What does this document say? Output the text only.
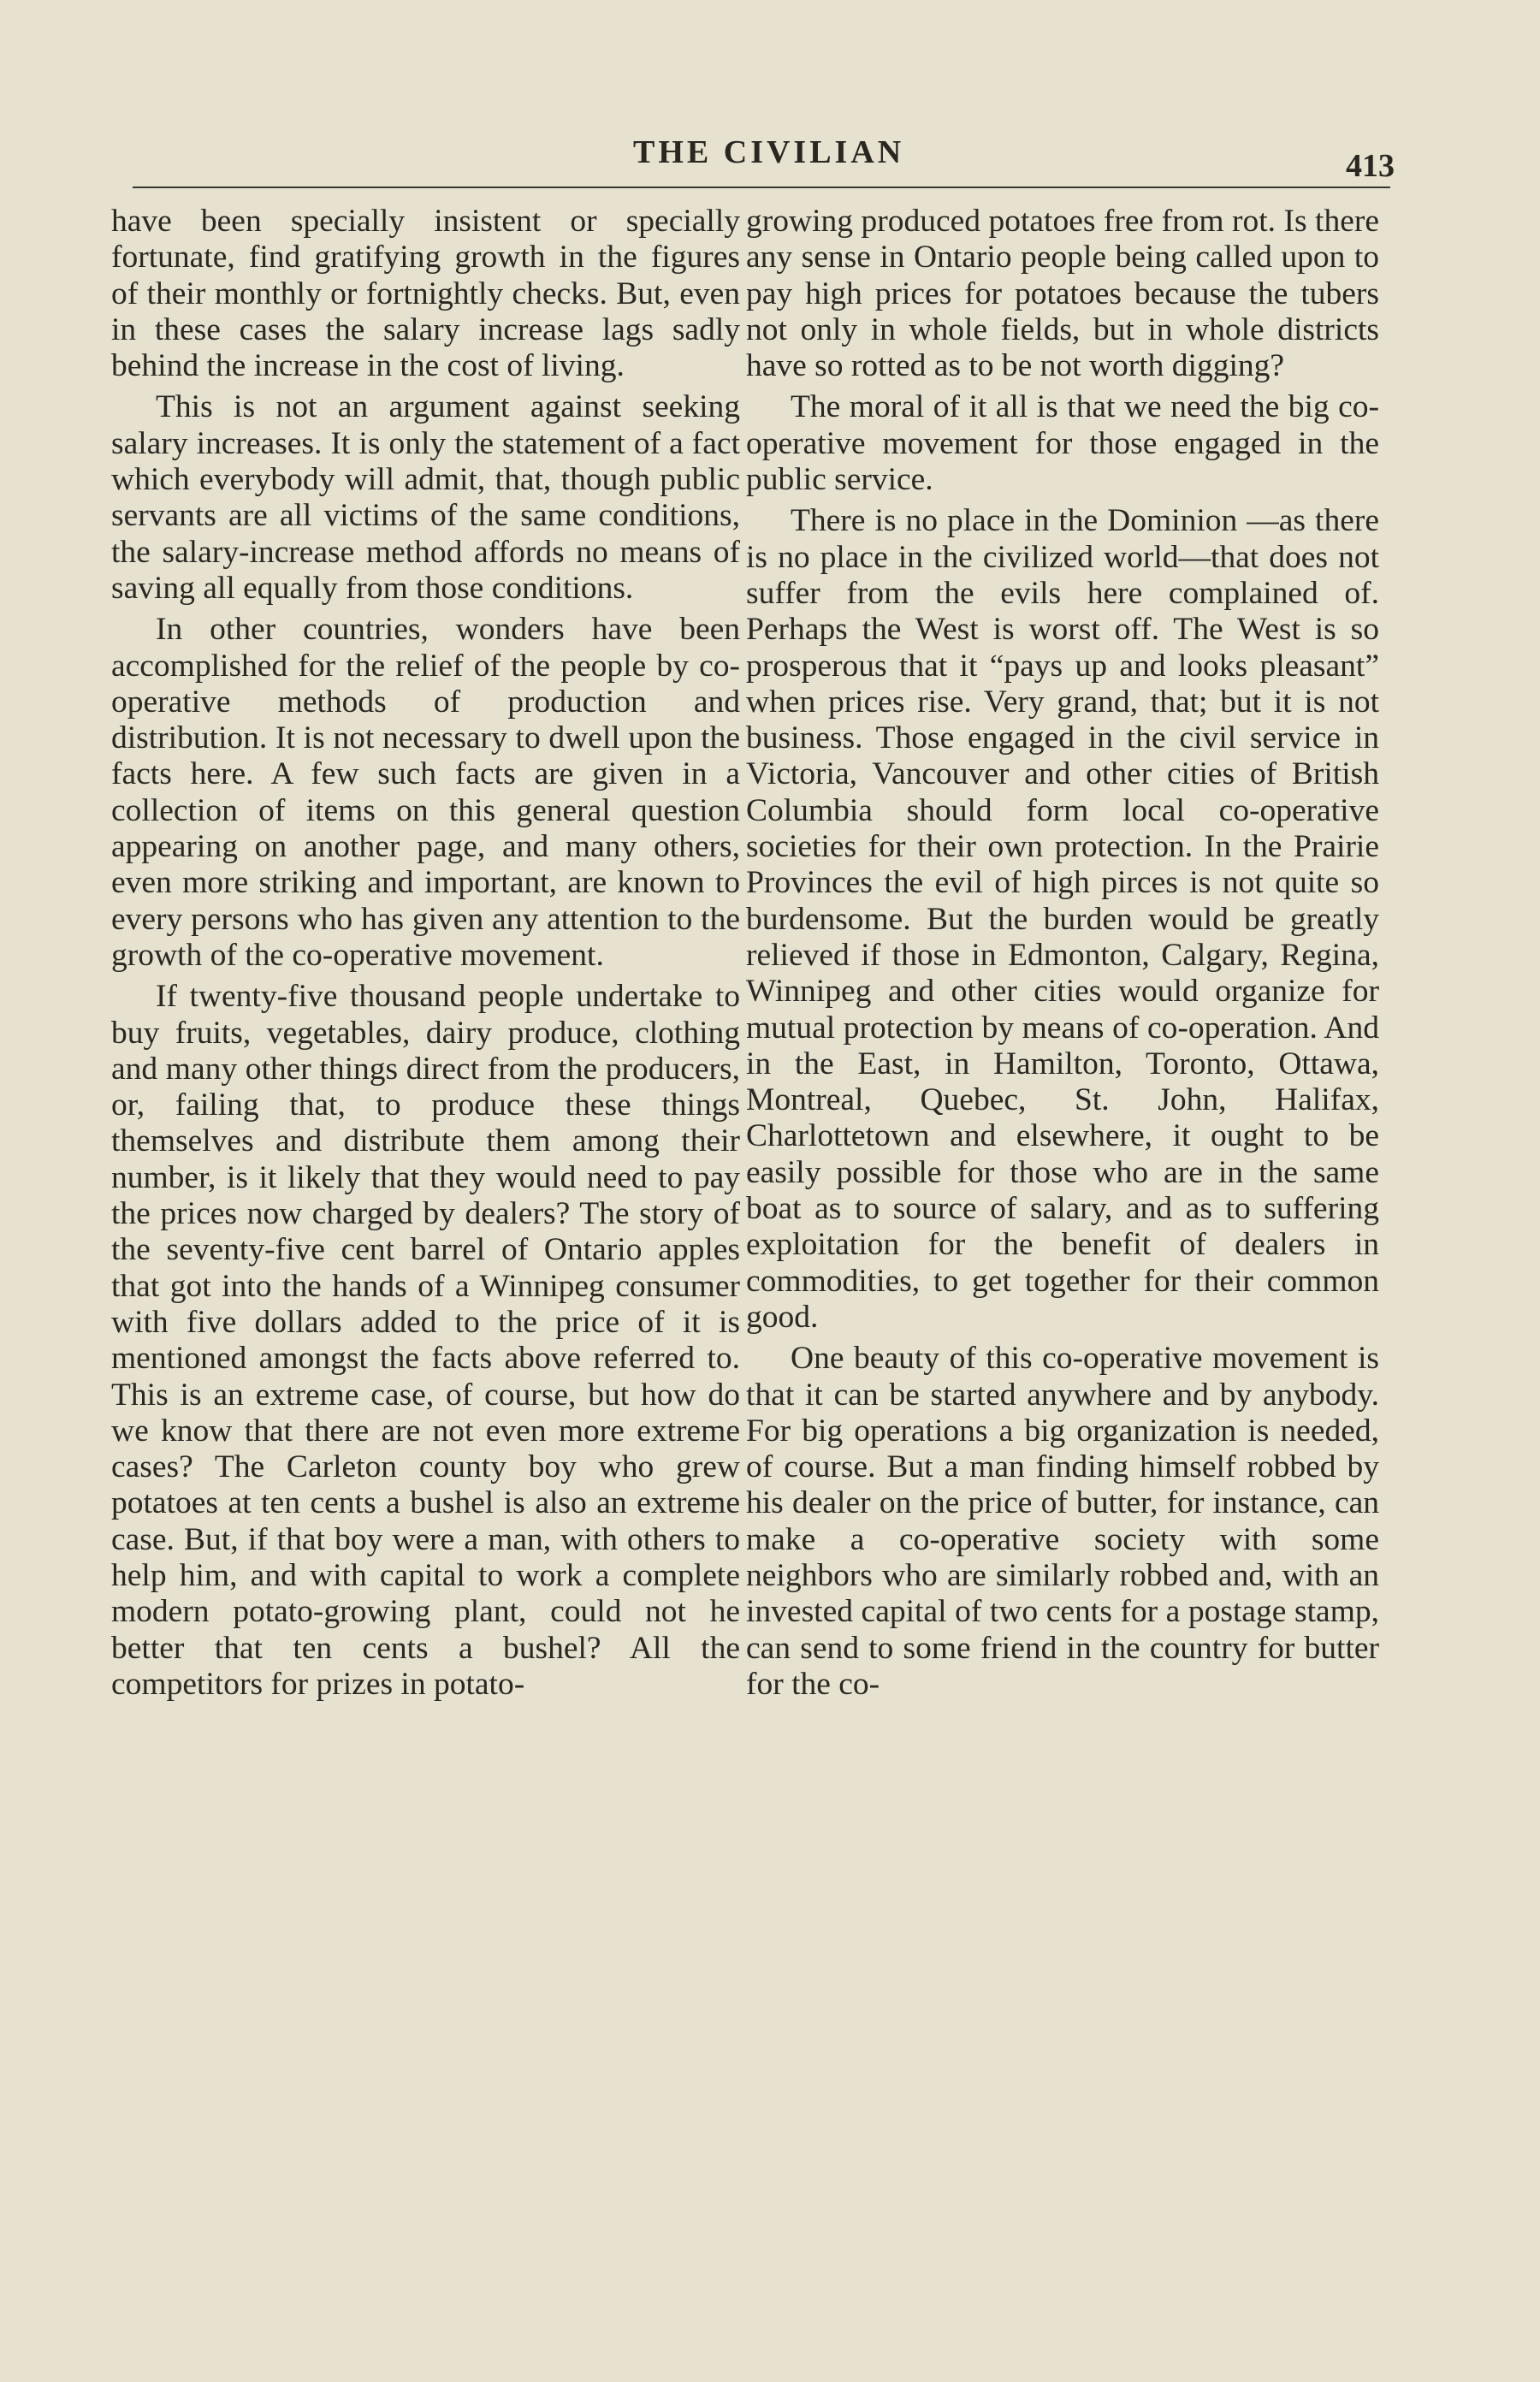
THE CIVILIAN	413

have been specially insistent or specially fortunate, find gratifying growth in the figures of their monthly or fortnightly checks. But, even in these cases the salary increase lags sadly behind the increase in the cost of living.

This is not an argument against seeking salary increases. It is only the statement of a fact which everybody will admit, that, though public servants are all victims of the same conditions, the salary-increase method affords no means of saving all equally from those conditions.

In other countries, wonders have been accomplished for the relief of the people by co-operative methods of production and distribution. It is not necessary to dwell upon the facts here. A few such facts are given in a collection of items on this general question appearing on another page, and many others, even more striking and important, are known to every persons who has given any attention to the growth of the co-operative movement.

If twenty-five thousand people undertake to buy fruits, vegetables, dairy produce, clothing and many other things direct from the producers, or, failing that, to produce these things themselves and distribute them among their number, is it likely that they would need to pay the prices now charged by dealers? The story of the seventy-five cent barrel of Ontario apples that got into the hands of a Winnipeg consumer with five dollars added to the price of it is mentioned amongst the facts above referred to. This is an extreme case, of course, but how do we know that there are not even more extreme cases? The Carleton county boy who grew potatoes at ten cents a bushel is also an extreme case. But, if that boy were a man, with others to help him, and with capital to work a complete modern potato-growing plant, could not he better that ten cents a bushel? All the competitors for prizes in potato-

growing produced potatoes free from rot. Is there any sense in Ontario people being called upon to pay high prices for potatoes because the tubers not only in whole fields, but in whole districts have so rotted as to be not worth digging?

The moral of it all is that we need the big co-operative movement for those engaged in the public service.

There is no place in the Dominion —as there is no place in the civilized world—that does not suffer from the evils here complained of. Perhaps the West is worst off. The West is so prosperous that it “pays up and looks pleasant” when prices rise. Very grand, that; but it is not business. Those engaged in the civil service in Victoria, Vancouver and other cities of British Columbia should form local co-operative societies for their own protection. In the Prairie Provinces the evil of high pirces is not quite so burdensome. But the burden would be greatly relieved if those in Edmonton, Calgary, Regina, Winnipeg and other cities would organize for mutual protection by means of co-operation. And in the East, in Hamilton, Toronto, Ottawa, Montreal, Quebec, St. John, Halifax, Charlottetown and elsewhere, it ought to be easily possible for those who are in the same boat as to source of salary, and as to suffering exploitation for the benefit of dealers in commodities, to get together for their common good.

One beauty of this co-operative movement is that it can be started anywhere and by anybody. For big operations a big organization is needed, of course. But a man finding himself robbed by his dealer on the price of butter, for instance, can make a co-operative society with some neighbors who are similarly robbed and, with an invested capital of two cents for a postage stamp, can send to some friend in the country for butter for the co-
